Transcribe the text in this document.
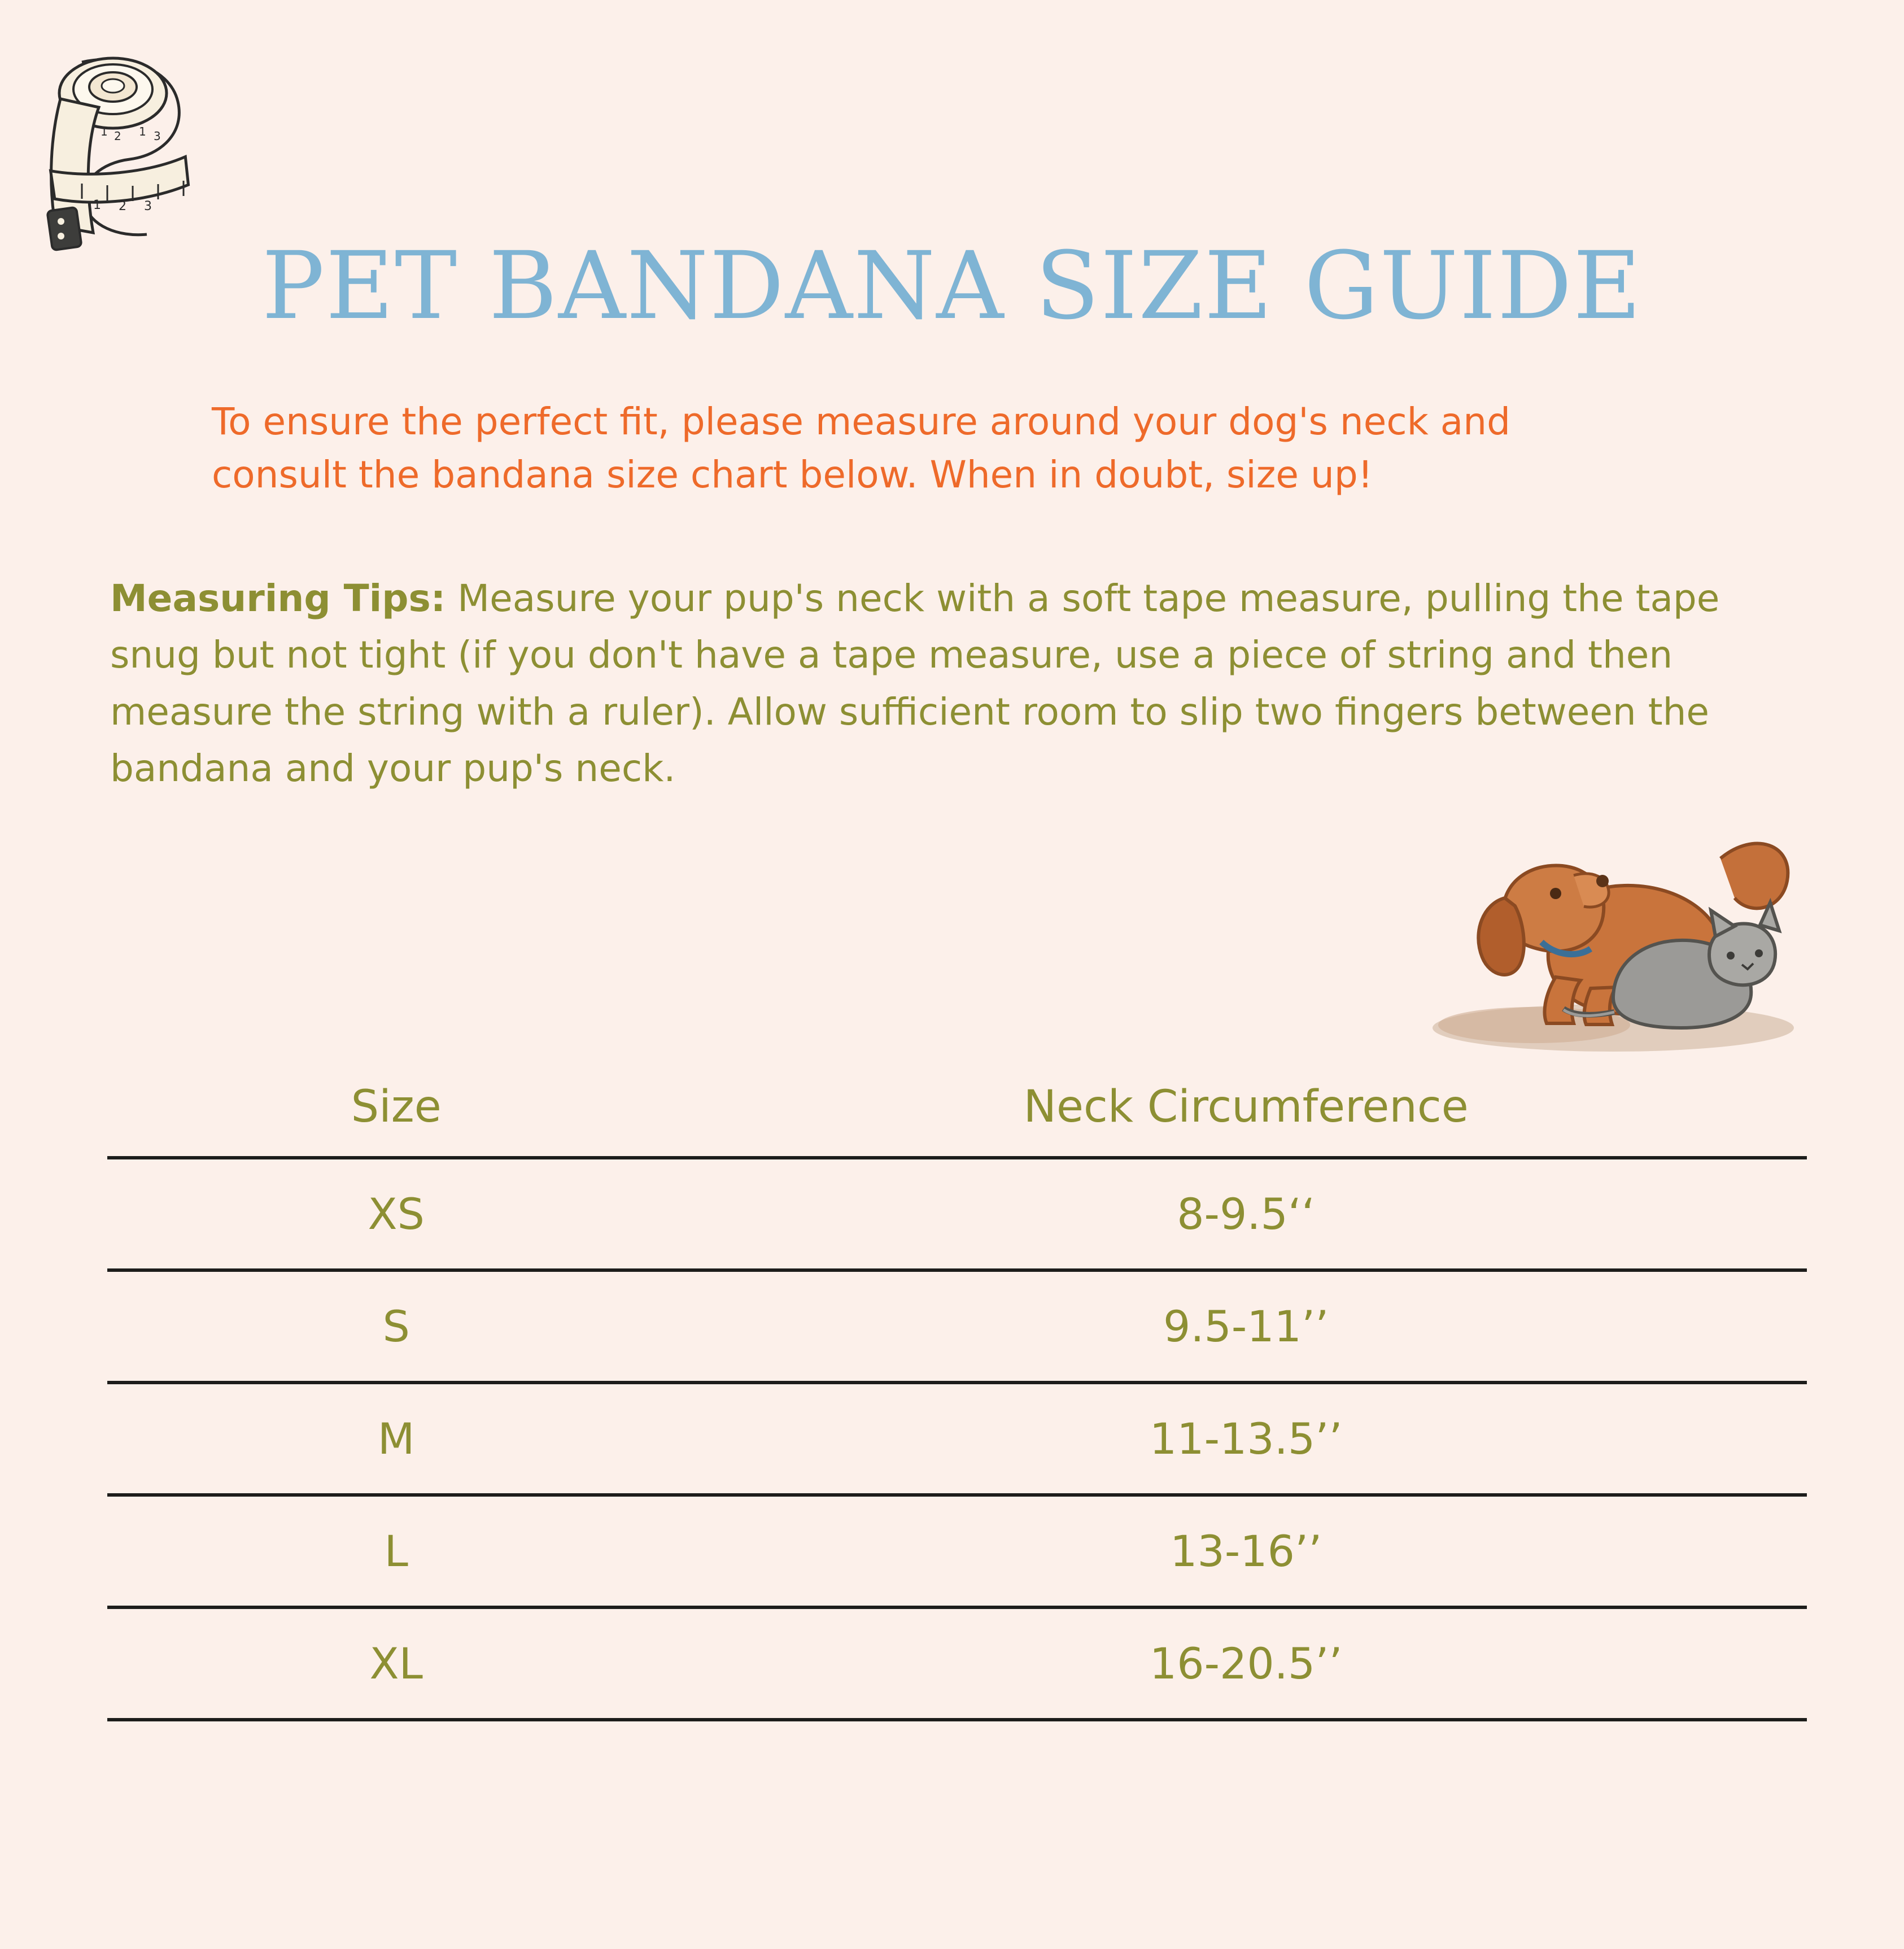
1 2 3
1 2 1 3
PET BANDANA SIZE GUIDE
To ensure the perfect fit, please measure around your dog's neck and consult the bandana size chart below. When in doubt, size up!
Measuring Tips: Measure your pup's neck with a soft tape measure, pulling the tape snug but not tight (if you don't have a tape measure, use a piece of string and then measure the string with a ruler). Allow sufficient room to slip two fingers between the bandana and your pup's neck.
Size	Neck Circumference
XS	8-9.5‘‘
S	9.5-11’’
M	11-13.5’’
L	13-16’’
XL	16-20.5’’
